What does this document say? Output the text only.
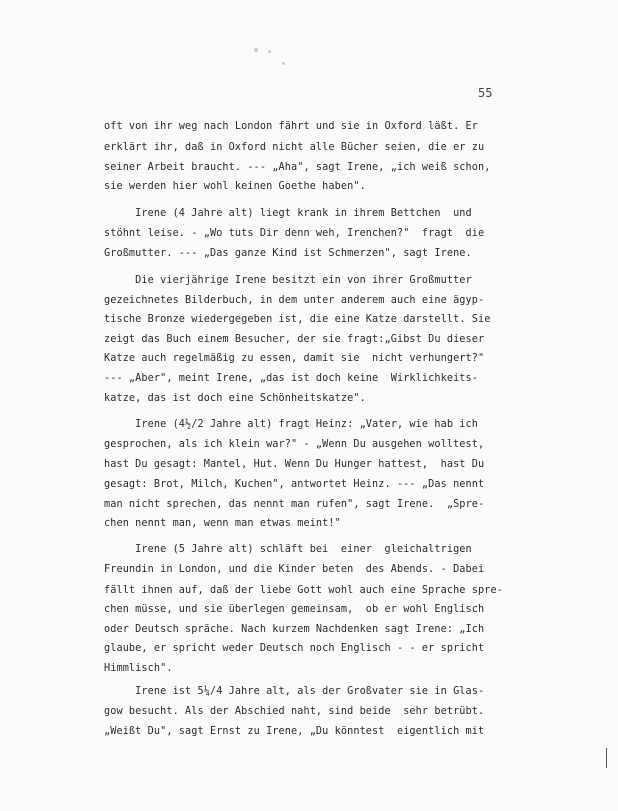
55
oft von ihr weg nach London fährt und sie in Oxford läßt. Er
erklärt ihr, daß in Oxford nicht alle Bücher seien, die er zu
seiner Arbeit braucht. --- „Aha", sagt Irene, „ich weiß schon,
sie werden hier wohl keinen Goethe haben".
Irene (4 Jahre alt) liegt krank in ihrem Bettchen  und
stöhnt leise. - „Wo tuts Dir denn weh, Irenchen?"  fragt  die
Großmutter. --- „Das ganze Kind ist Schmerzen", sagt Irene.
Die vierjährige Irene besitzt ein von ihrer Großmutter
gezeichnetes Bilderbuch, in dem unter anderem auch eine ägyp-
tische Bronze wiedergegeben ist, die eine Katze darstellt. Sie
zeigt das Buch einem Besucher, der sie fragt:„Gibst Du dieser
Katze auch regelmäßig zu essen, damit sie  nicht verhungert?"
--- „Aber", meint Irene, „das ist doch keine  Wirklichkeits-
katze, das ist doch eine Schönheitskatze".
Irene (4½/2 Jahre alt) fragt Heinz: „Vater, wie hab ich
gesprochen, als ich klein war?" - „Wenn Du ausgehen wolltest,
hast Du gesagt: Mantel, Hut. Wenn Du Hunger hattest,  hast Du
gesagt: Brot, Milch, Kuchen", antwortet Heinz. --- „Das nennt
man nicht sprechen, das nennt man rufen", sagt Irene.  „Spre-
chen nennt man, wenn man etwas meint!"
Irene (5 Jahre alt) schläft bei  einer  gleichaltrigen
Freundin in London, und die Kinder beten  des Abends. - Dabei
fällt ihnen auf, daß der liebe Gott wohl auch eine Sprache spre-
chen müsse, und sie überlegen gemeinsam,  ob er wohl Englisch
oder Deutsch spräche. Nach kurzem Nachdenken sagt Irene: „Ich
glaube, er spricht weder Deutsch noch Englisch - - er spricht
Himmlisch".
Irene ist 5¼/4 Jahre alt, als der Großvater sie in Glas-
gow besucht. Als der Abschied naht, sind beide  sehr betrübt.
„Weißt Du", sagt Ernst zu Irene, „Du könntest  eigentlich mit
